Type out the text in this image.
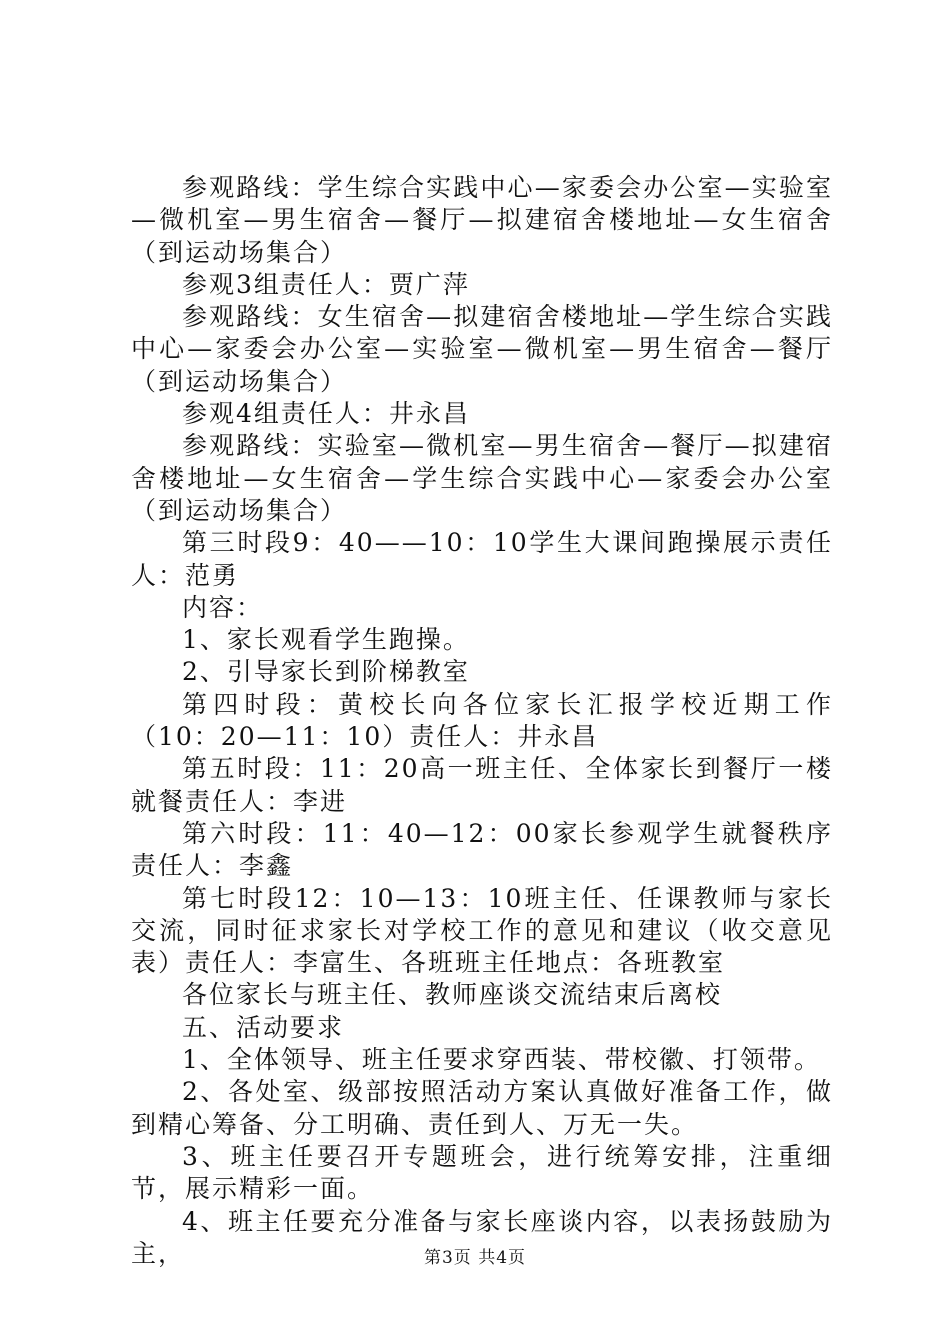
参观路线：学生综合实践中心—家委会办公室—实验室—微机室—男生宿舍—餐厅—拟建宿舍楼地址—女生宿舍（到运动场集合）

参观3组责任人：贾广萍

参观路线：女生宿舍—拟建宿舍楼地址—学生综合实践中心—家委会办公室—实验室—微机室—男生宿舍—餐厅（到运动场集合）

参观4组责任人：井永昌

参观路线：实验室—微机室—男生宿舍—餐厅—拟建宿舍楼地址—女生宿舍—学生综合实践中心—家委会办公室（到运动场集合）

第三时段9：40——10：10学生大课间跑操展示责任人：范勇

内容：

1、家长观看学生跑操。

2、引导家长到阶梯教室

第四时段：黄校长向各位家长汇报学校近期工作（10：20—11：10）责任人：井永昌

第五时段：11：20高一班主任、全体家长到餐厅一楼就餐责任人：李进

第六时段：11：40—12：00家长参观学生就餐秩序责任人：李鑫

第七时段12：10—13：10班主任、任课教师与家长交流，同时征求家长对学校工作的意见和建议（收交意见表）责任人：李富生、各班班主任地点：各班教室

各位家长与班主任、教师座谈交流结束后离校

五、活动要求

1、全体领导、班主任要求穿西装、带校徽、打领带。

2、各处室、级部按照活动方案认真做好准备工作，做到精心筹备、分工明确、责任到人、万无一失。

3、班主任要召开专题班会，进行统筹安排，注重细节，展示精彩一面。

4、班主任要充分准备与家长座谈内容，以表扬鼓励为主，	第3页 共4页
